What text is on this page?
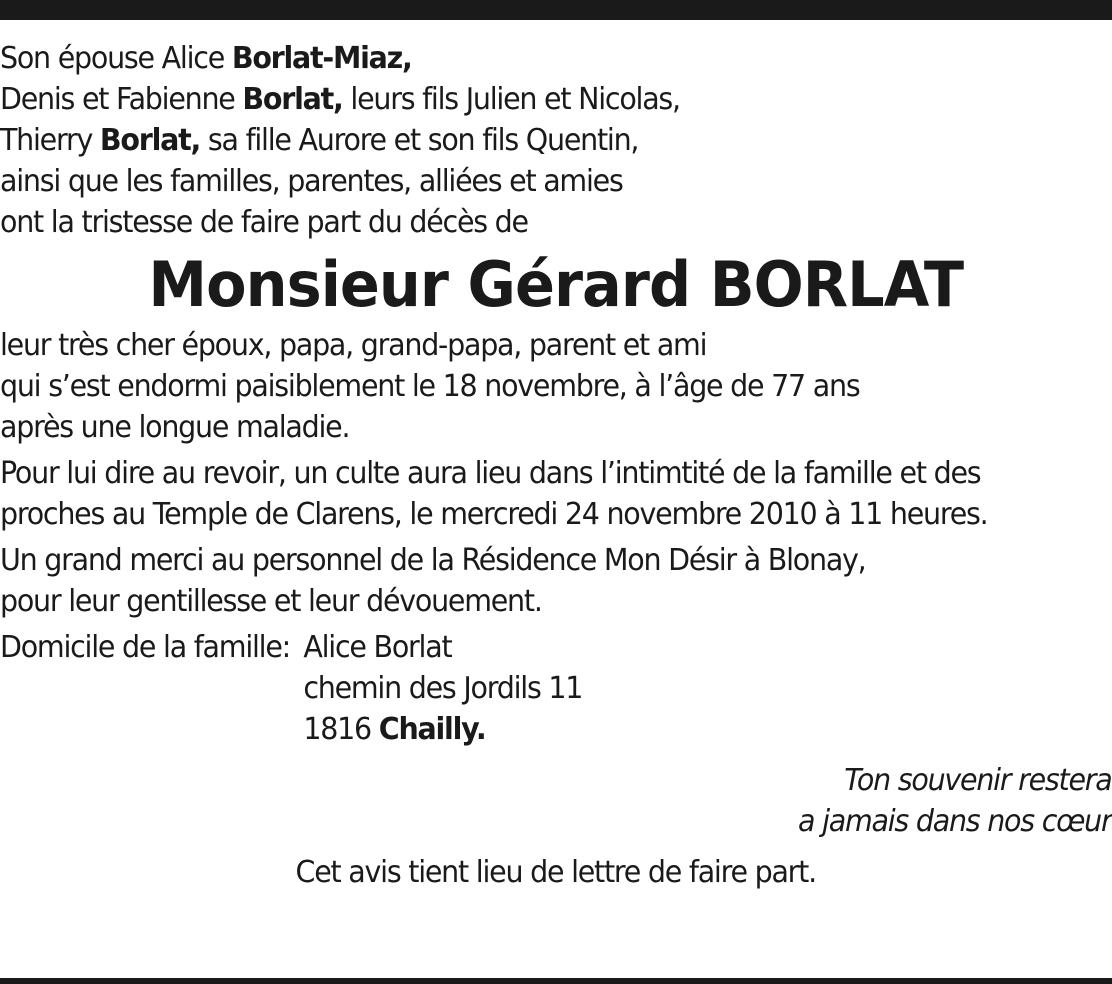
Son épouse Alice Borlat-Miaz,
Denis et Fabienne Borlat, leurs fils Julien et Nicolas,
Thierry Borlat, sa fille Aurore et son fils Quentin,
ainsi que les familles, parentes, alliées et amies
ont la tristesse de faire part du décès de
Monsieur Gérard BORLAT
leur très cher époux, papa, grand-papa, parent et ami
qui s’est endormi paisiblement le 18 novembre, à l’âge de 77 ans
après une longue maladie.
Pour lui dire au revoir, un culte aura lieu dans l’intimtité de la famille et des
proches au Temple de Clarens, le mercredi 24 novembre 2010 à 11 heures.
Un grand merci au personnel de la Résidence Mon Désir à Blonay,
pour leur gentillesse et leur dévouement.
Domicile de la famille: Alice Borlat
chemin des Jordils 11
1816 Chailly.
Ton souvenir restera
a jamais dans nos cœur
Cet avis tient lieu de lettre de faire part.
